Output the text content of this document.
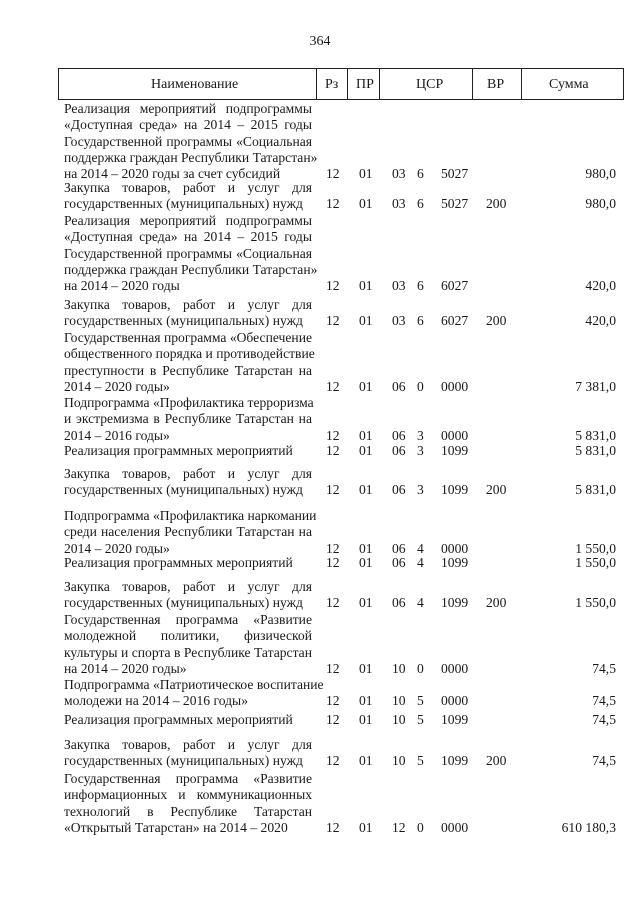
364
Наименование	Рз ПР	ЦСР	ВР	Сумма
Реализация мероприятий подпрограммы
«Доступная среда» на 2014 – 2015 годы
Государственной программы «Социальная
поддержка граждан Республики Татарстан»
на 2014 – 2020 годы за счет субсидий	12 01 03 6 5027	980,0
Закупка товаров, работ и услуг для
государственных (муниципальных) нужд	12 01 03 6 5027 200	980,0
Реализация мероприятий подпрограммы
«Доступная среда» на 2014 – 2015 годы
Государственной программы «Социальная
поддержка граждан Республики Татарстан»
на 2014 – 2020 годы	12 01 03 6 6027	420,0
Закупка товаров, работ и услуг для
государственных (муниципальных) нужд	12 01 03 6 6027 200	420,0
Государственная программа «Обеспечение
общественного порядка и противодействие
преступности в Республике Татарстан на
2014 – 2020 годы»	12 01 06 0 0000	7 381,0
Подпрограмма «Профилактика терроризма
и экстремизма в Республике Татарстан на
2014 – 2016 годы»	12 01 06 3 0000	5 831,0
Реализация программных мероприятий	12 01 06 3 1099	5 831,0
Закупка товаров, работ и услуг для
государственных (муниципальных) нужд	12 01 06 3 1099 200	5 831,0
Подпрограмма «Профилактика наркомании
среди населения Республики Татарстан на
2014 – 2020 годы»	12 01 06 4 0000	1 550,0
Реализация программных мероприятий	12 01 06 4 1099	1 550,0
Закупка товаров, работ и услуг для
государственных (муниципальных) нужд	12 01 06 4 1099 200	1 550,0
Государственная программа «Развитие
молодежной политики, физической
культуры и спорта в Республике Татарстан
на 2014 – 2020 годы»	12 01 10 0 0000	74,5
Подпрограмма «Патриотическое воспитание
молодежи на 2014 – 2016 годы»	12 01 10 5 0000	74,5
Реализация программных мероприятий	12 01 10 5 1099	74,5
Закупка товаров, работ и услуг для
государственных (муниципальных) нужд	12 01 10 5 1099 200	74,5
Государственная программа «Развитие
информационных и коммуникационных
технологий в Республике Татарстан
«Открытый Татарстан» на 2014 – 2020	12 01 12 0 0000	610 180,3
